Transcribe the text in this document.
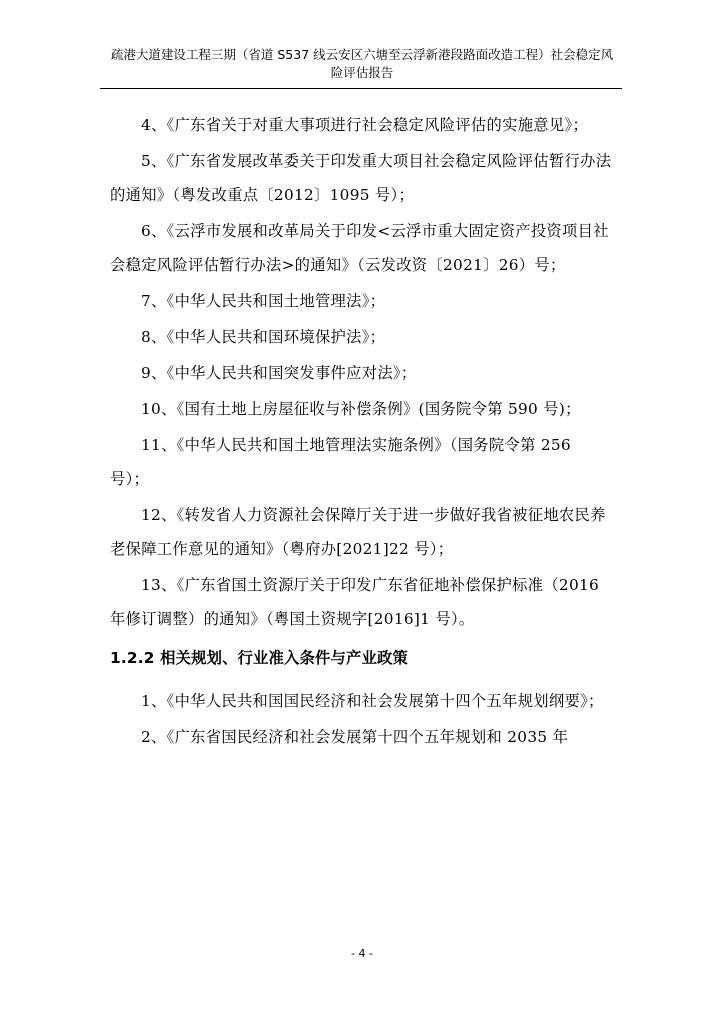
疏港大道建设工程三期（省道 S537 线云安区六塘至云浮新港段路面改造工程）社会稳定风
险评估报告

4、《广东省关于对重大事项进行社会稳定风险评估的实施意见》；

5、《广东省发展改革委关于印发重大项目社会稳定风险评估暂行办法的通知》（粤发改重点〔2012〕1095 号）；

6、《云浮市发展和改革局关于印发<云浮市重大固定资产投资项目社会稳定风险评估暂行办法>的通知》（云发改资〔2021〕26）号；

7、《中华人民共和国土地管理法》；

8、《中华人民共和国环境保护法》；

9、《中华人民共和国突发事件应对法》；

10、《国有土地上房屋征收与补偿条例》(国务院令第 590 号)；

11、《中华人民共和国土地管理法实施条例》（国务院令第 256 号）；

12、《转发省人力资源社会保障厅关于进一步做好我省被征地农民养老保障工作意见的通知》（粤府办[2021]22 号）；

13、《广东省国土资源厅关于印发广东省征地补偿保护标准（2016 年修订调整）的通知》（粤国土资规字[2016]1 号）。

1.2.2 相关规划、行业准入条件与产业政策

1、《中华人民共和国国民经济和社会发展第十四个五年规划纲要》；

2、《广东省国民经济和社会发展第十四个五年规划和 2035 年

- 4 -
